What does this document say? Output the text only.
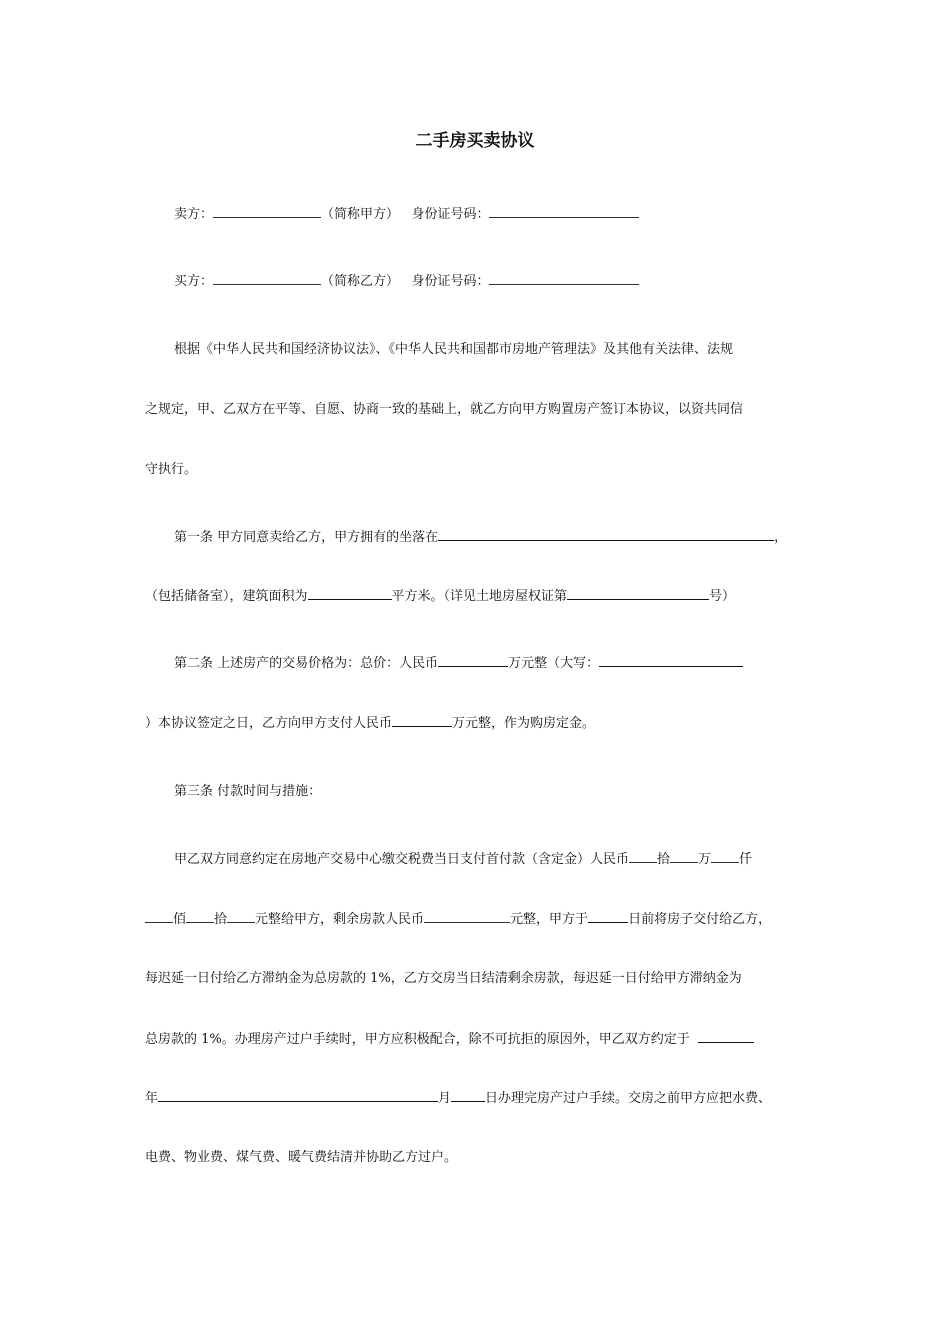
二手房买卖协议
卖方：	（简称甲方） 身份证号码：
买方：	（简称乙方） 身份证号码：
根据《中华人民共和国经济协议法》、《中华人民共和国都市房地产管理法》及其他有关法律、法规
之规定，甲、乙双方在平等、自愿、协商一致的基础上，就乙方向甲方购置房产签订本协议，以资共同信
守执行。
第一条 甲方同意卖给乙方，甲方拥有的坐落在	，
（包括储备室），建筑面积为	平方米。（详见土地房屋权证第	号）
第二条 上述房产的交易价格为：总价：人民币	万元整（大写：
）本协议签定之日，乙方向甲方支付人民币	万元整，作为购房定金。
第三条 付款时间与措施：
甲乙双方同意约定在房地产交易中心缴交税费当日支付首付款（含定金）人民币 拾 万 仟
佰 拾 元整给甲方，剩余房款人民币	元整，甲方于	日前将房子交付给乙方，
每迟延一日付给乙方滞纳金为总房款的 1%，乙方交房当日结清剩余房款，每迟延一日付给甲方滞纳金为
总房款的 1%。办理房产过户手续时，甲方应积极配合，除不可抗拒的原因外，甲乙双方约定于
年	月	日办理完房产过户手续。交房之前甲方应把水费、
电费、物业费、煤气费、暖气费结清并协助乙方过户。
